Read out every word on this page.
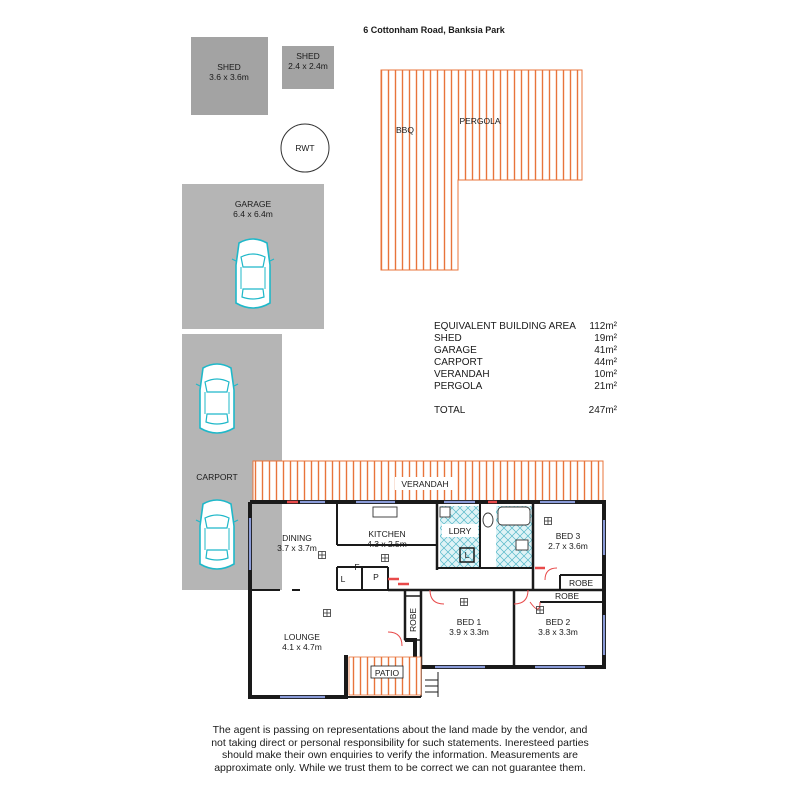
6 Cottonham Road, Banksia Park
SHED
3.6 x 3.6m
SHED
2.4 x 2.4m
RWT
PERGOLA
BBQ
GARAGE
6.4 x 6.4m
CARPORT
EQUIVALENT BUILDING AREA 112m²
SHED	19m²
GARAGE	41m²
CARPORT	44m²
VERANDAH	10m²
PERGOLA	21m²
TOTAL	247m²
VERANDAH
PATIO
DINING
3.7 x 3.7m
KITCHEN
4.3 x 2.5m
LDRY
L
BED 3
2.7 x 3.6m
L
F
P
ROBE
ROBE
ROBE
LOUNGE
4.1 x 4.7m
BED 1
3.9 x 3.3m
BED 2
3.8 x 3.3m
The agent is passing on representations about the land made by the vendor, and
not taking direct or personal responsibility for such statements. Ineresteed parties
should make their own enquiries to verify the information. Measurements are
approximate only. While we trust them to be correct we can not guarantee them.
